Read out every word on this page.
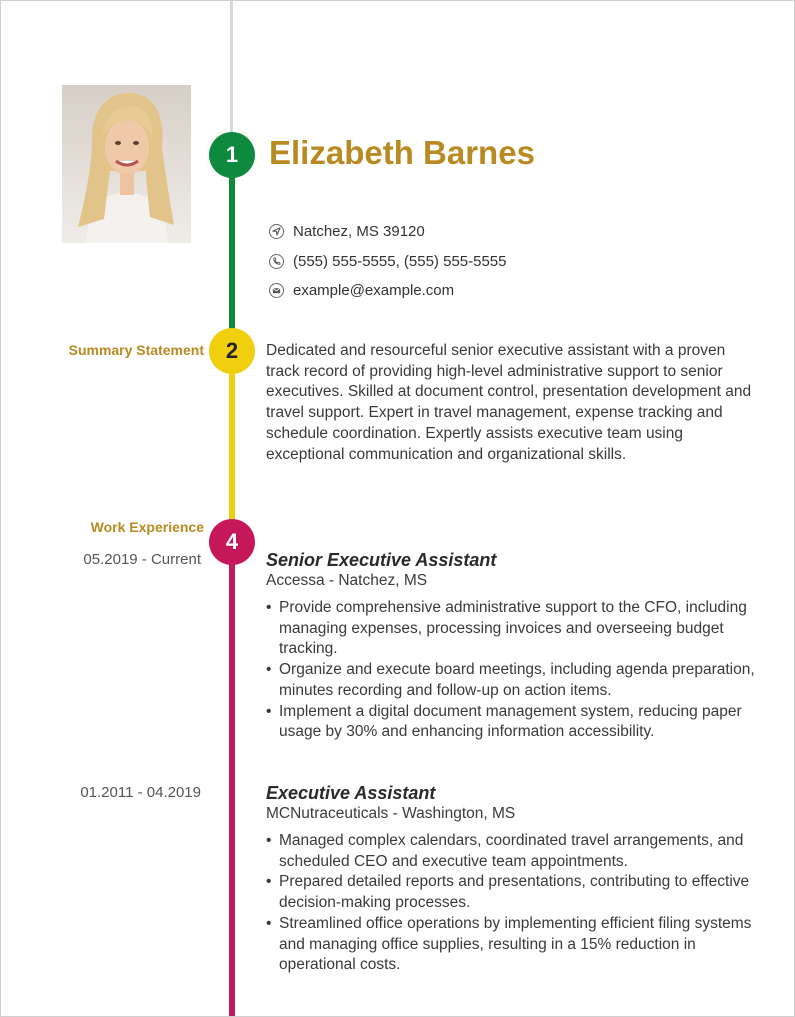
1
2
4
Elizabeth Barnes
Natchez, MS 39120
(555) 555-5555, (555) 555-5555
example@example.com
Summary Statement	Dedicated and resourceful senior executive assistant with a proven track record of providing high-level administrative support to senior executives. Skilled at document control, presentation development and travel support. Expert in travel management, expense tracking and schedule coordination. Expertly assists executive team using exceptional communication and organizational skills.

Work Experience
05.2019 - Current	Senior Executive Assistant
Accessa - Natchez, MS
• Provide comprehensive administrative support to the CFO, including managing expenses, processing invoices and overseeing budget tracking.
• Organize and execute board meetings, including agenda preparation, minutes recording and follow-up on action items.
• Implement a digital document management system, reducing paper usage by 30% and enhancing information accessibility.
01.2011 - 04.2019	Executive Assistant
MCNutraceuticals - Washington, MS
• Managed complex calendars, coordinated travel arrangements, and scheduled CEO and executive team appointments.
• Prepared detailed reports and presentations, contributing to effective decision-making processes.
• Streamlined office operations by implementing efficient filing systems and managing office supplies, resulting in a 15% reduction in operational costs.
